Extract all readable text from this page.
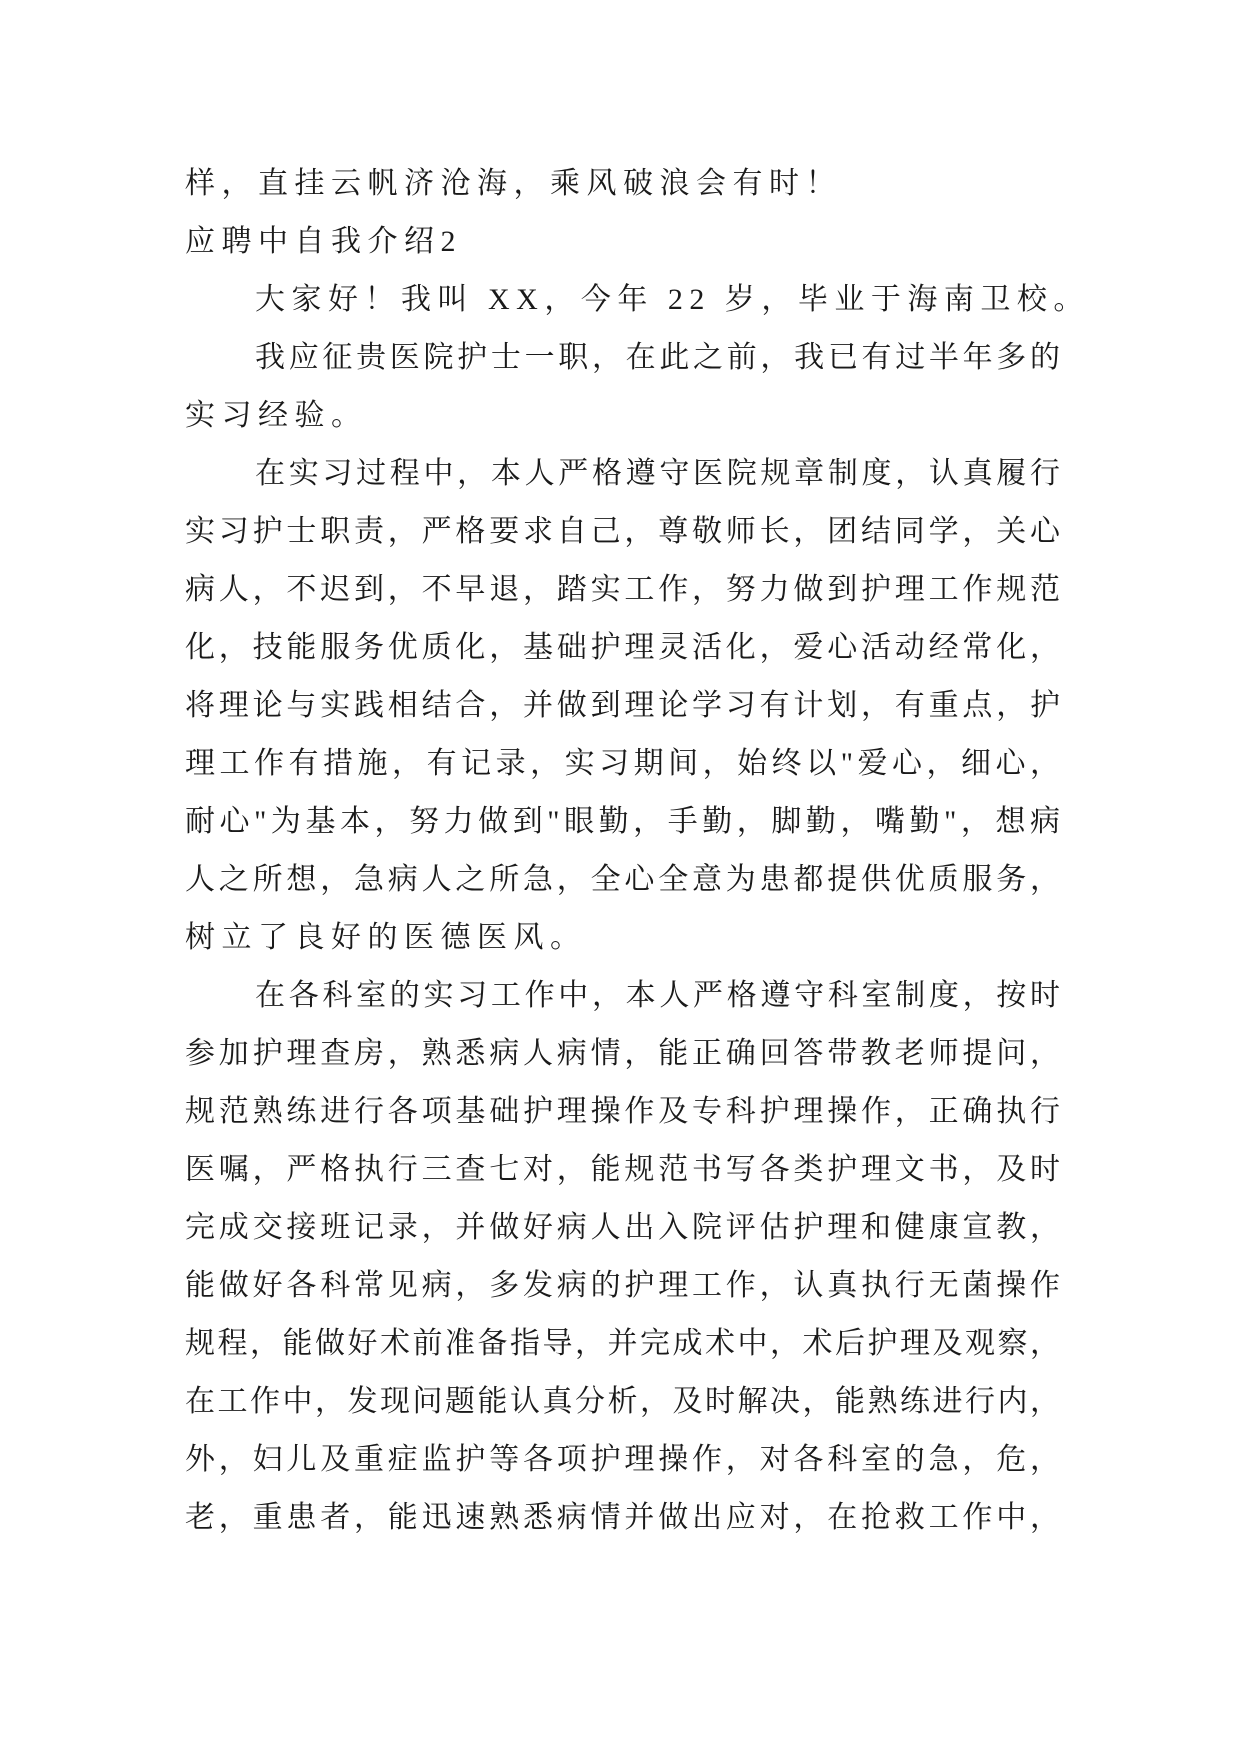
样，直挂云帆济沧海，乘风破浪会有时！
应聘中自我介绍2
大家好！我叫 XX，今年 22 岁，毕业于海南卫校。
我应征贵医院护士一职，在此之前，我已有过半年多的
实习经验。
在实习过程中，本人严格遵守医院规章制度，认真履行
实习护士职责，严格要求自己，尊敬师长，团结同学，关心
病人，不迟到，不早退，踏实工作，努力做到护理工作规范
化，技能服务优质化，基础护理灵活化，爱心活动经常化，
将理论与实践相结合，并做到理论学习有计划，有重点，护
理工作有措施，有记录，实习期间，始终以"爱心，细心，
耐心"为基本，努力做到"眼勤，手勤，脚勤，嘴勤"，想病
人之所想，急病人之所急，全心全意为患都提供优质服务，
树立了良好的医德医风。
在各科室的实习工作中，本人严格遵守科室制度，按时
参加护理查房，熟悉病人病情，能正确回答带教老师提问，
规范熟练进行各项基础护理操作及专科护理操作，正确执行
医嘱，严格执行三查七对，能规范书写各类护理文书，及时
完成交接班记录，并做好病人出入院评估护理和健康宣教，
能做好各科常见病，多发病的护理工作，认真执行无菌操作
规程，能做好术前准备指导，并完成术中，术后护理及观察，
在工作中，发现问题能认真分析，及时解决，能熟练进行内，
外，妇儿及重症监护等各项护理操作，对各科室的急，危，
老，重患者，能迅速熟悉病情并做出应对，在抢救工作中，
